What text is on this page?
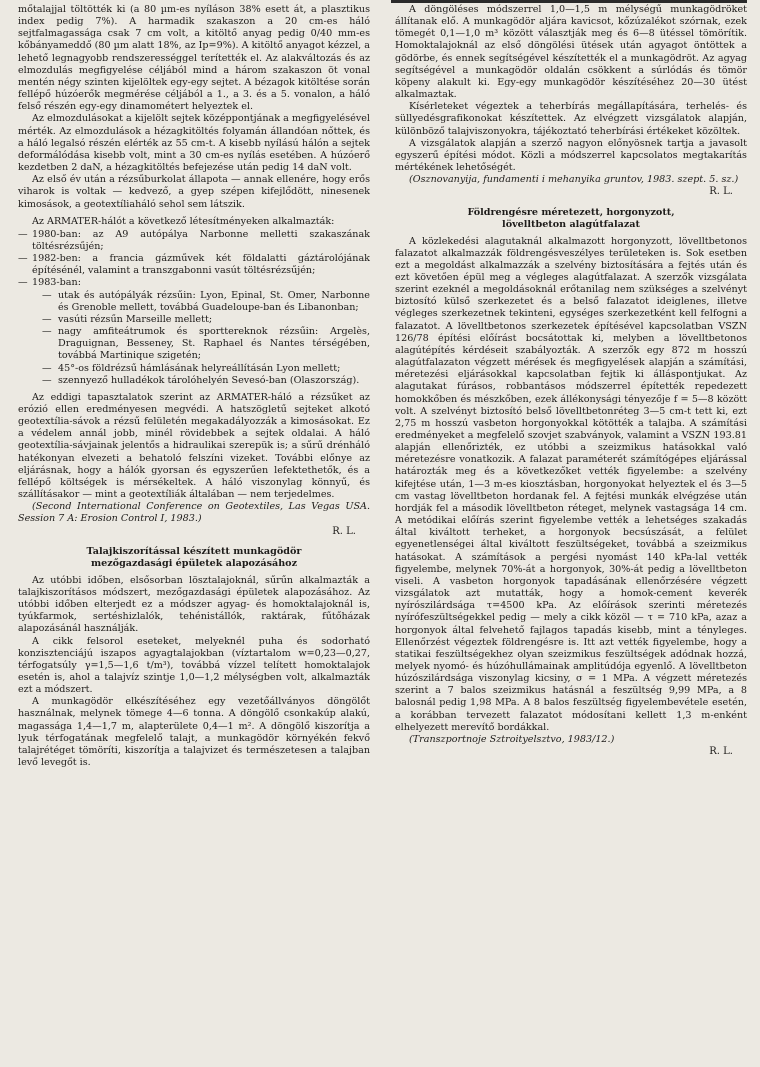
mőtalajjal töltötték ki (a 80 µm-es nyíláson 38% esett át, a plasztikus index pedig 7%). A harmadik szakaszon a 20 cm-es háló sejtfalmagassága csak 7 cm volt, a kitöltő anyag pedig 0/40 mm-es kőbányameddő (80 µm alatt 18%, az Ip=9%). A kitöltő anyagot kézzel, a lehető legnagyobb rendszerességgel terítették el. Az alakváltozás és az elmozdulás megfigyelése céljából mind a három szakaszon öt vonal mentén négy szinten kijelöltek egy-egy sejtet. A bézagok kitöltése során fellépő húzóerők megmérése céljából a 1., a 3. és a 5. vonalon, a háló felső részén egy-egy dinamométert helyeztek el.

Az elmozdulásokat a kijelölt sejtek középpontjának a megfigyelésével mérték. Az elmozdulások a hézagkitöltés folyamán állandóan nőttek, és a háló legalsó részén elérték az 55 cm-t. A kisebb nyílású hálón a sejtek deformálódása kisebb volt, mint a 30 cm-es nyílás esetében. A húzóerő kezdetben 2 daN, a hézagkitöltés befejezése után pedig 14 daN volt.

Az első év után a rézsűburkolat állapota — annak ellenére, hogy erős viharok is voltak — kedvező, a gyep szépen kifejlődött, ninesenek kimosások, a geotextíliaháló sehol sem látszik.

Az ARMATER-hálót a következő létesítményeken alkalmazták:

— 1980-ban: az A9 autópálya Narbonne melletti szakaszának töltésrézsűjén;
— 1982-ben: a francia gázművek két földalatti gáztárolójának építésénél, valamint a transzgabonni vasút töltésrézsűjén;
— 1983-ban:
— utak és autópályák rézsűin: Lyon, Epinal, St. Omer, Narbonne és Grenoble mellett, továbbá Guadeloupe-ban és Libanonban;
— vasúti rézsűn Marseille mellett;
— nagy amfiteátrumok és sporttereknok rézsűin: Argelès, Draguignan, Besseney, St. Raphael és Nantes térségében, továbbá Martinique szigetén;
— 45°-os földrézsű hámlásának helyreállításán Lyon mellett;
— szennyező hulladékok tárolóhelyén Sevesó-ban (Olaszország).

Az eddigi tapasztalatok szerint az ARMATER-háló a rézsűket az erózió ellen eredményesen megvédi. A hatszögletű sejteket alkotó geotextília-sávok a rézsű felületén megakadályozzák a kimosásokat. Ez a védelem annál jobb, minél rövidebbek a sejtek oldalai. A háló geotextília-sávjainak jelentős a hidraulikai szerepük is; a sűrű drénháló hatékonyan elvezeti a behatoló felszíni vizeket. További előnye az eljárásnak, hogy a hálók gyorsan és egyszerűen lefektethetők, és a fellépő költségek is mérsékeltek. A háló viszonylag könnyű, és szállításakor — mint a geotextíliák általában — nem terjedelmes.

(Second International Conference on Geotextiles, Las Vegas USA. Session 7 A: Erosion Control I, 1983.)

R. L.
Talajkiszorítással készített munkagödör
mezőgazdasági épületek alapozásához

Az utóbbi időben, elsősorban lösztalajoknál, sűrűn alkalmazták a talajkiszorításos módszert, mezőgazdasági épületek alapozásához. Az utóbbi időben elterjedt ez a módszer agyag- és homoktalajoknál is, tyúkfarmok, sertéshizlalók, tehénistállók, raktárak, fűtőházak alapozásánál használják.

A cikk felsorol eseteket, melyeknél puha és sodorható konzisztenciájú iszapos agyagtalajokban (víztartalom w=0,23—0,27, térfogatsúly γ=1,5—1,6 t/m³), továbbá vízzel telített homoktalajok esetén is, ahol a talajvíz szintje 1,0—1,2 mélységben volt, alkalmazták ezt a módszert.

A munkagödör elkészítéséhez egy vezetőállványos döngölőt használnak, melynek tömege 4—6 tonna. A döngölő csonkakúp alakú, magassága 1,4—1,7 m, alapterülete 0,4—1 m². A döngölő kiszorítja a lyuk térfogatának megfelelő talajt, a munkagödör környékén fekvő talajrétéget tömöríti, kiszorítja a talajvizet és természetesen a talajban levő levegőt is.

A döngöléses módszerrel 1,0—1,5 m mélységű munkagödröket állítanak elő. A munkagödör aljára kavicsot, kőzúzalékot szórnak, ezek tömegét 0,1—1,0 m³ között választják meg és 6—8 ütéssel tömörítik. Homoktalajoknál az első döngölési ütések után agyagot öntöttek a gödörbe, és ennek segítségével készítették el a munkagödröt. Az agyag segítségével a munkagödör oldalán csökkent a súrlódás és tömör köpeny alakult ki. Egy-egy munkagödör készítéséhez 20—30 ütést alkalmaztak.

Kísérleteket végeztek a teherbírás megállapítására, terhelés- és süllyedésgrafikonokat készítettek. Az elvégzett vizsgálatok alapján, különböző talajviszonyokra, tájékoztató teherbírási értékeket közöltek.

A vizsgálatok alapján a szerző nagyon előnyösnek tartja a javasolt egyszerű építési módot. Közli a módszerrel kapcsolatos megtakarítás mértékének lehetőségét.

(Osznovanyija, fundamenti i mehanyika gruntov, 1983. szept. 5. sz.)

R. L.
Földrengésre méretezett, horgonyzott,
lövelltbeton alagútfalazat

A közlekedési alagutaknál alkalmazott horgonyzott, lövelltbetonos falazatot alkalmazzák földrengésveszélyes területeken is. Sok esetben ezt a megoldást alkalmazzák a szelvény biztosítására a fejtés után és ezt követően épül meg a végleges alagútfalazat. A szerzők vizsgálata szerint ezeknél a megoldásoknál erőtanilag nem szükséges a szelvényt biztosító külső szerkezetet és a belső falazatot ideiglenes, illetve végleges szerkezetnek tekinteni, egységes szerkezetként kell felfogni a falazatot. A lövelltbetonos szerkezetek építésével kapcsolatban VSZN 126/78 építési előírást bocsátottak ki, melyben a lövelltbetonos alagútépítés kérdéseit szabályozták. A szerzők egy 872 m hosszú alagútfalazaton végzett mérések és megfigyelések alapján a számítási, méretezési eljárásokkal kapcsolatban fejtik ki álláspontjukat. Az alagutakat fúrásos, robbantásos módszerrel építették repedezett homokkőben és mészkőben, ezek állékonysági tényezője f = 5—8 között volt. A szelvényt biztosító belső lövelltbetonréteg 3—5 cm-t tett ki, ezt 2,75 m hosszú vasbeton horgonyokkal kötötték a talajba. A számítási eredményeket a megfelelő szovjet szabványok, valamint a VSZN 193.81 alapján ellenőrizték, ez utóbbi a szeizmikus hatásokkal való méretezésre vonatkozik. A falazat paraméterét számítógépes eljárással határozták meg és a következőket vették figyelembe: a szelvény kifejtése után, 1—3 m-es kiosztásban, horgonyokat helyeztek el és 3—5 cm vastag lövelltbeton hordanak fel. A fejtési munkák elvégzése után hordják fel a második lövelltbeton réteget, melynek vastagsága 14 cm. A metódikai előírás szerint figyelembe vették a lehetséges szakadás által kiváltott terheket, a horgonyok becsúszását, a felület egyenetlenségei által kiváltott feszültségeket, továbbá a szeizmikus hatásokat. A számítások a pergési nyomást 140 kPa-lal vették figyelembe, melynek 70%-át a horgonyok, 30%-át pedig a lövelltbeton viseli. A vasbeton horgonyok tapadásának ellenőrzésére végzett vizsgálatok azt mutatták, hogy a homok-cement keverék nyírószilárdsága τ=4500 kPa. Az előírások szerinti méretezés nyírófeszültségekkel pedig — mely a cikk közöl — τ = 710 kPa, azaz a horgonyok által felvehető fajlagos tapadás kisebb, mint a tényleges. Ellenőrzést végeztek földrengésre is. Itt azt vették figyelembe, hogy a statikai feszültségekhez olyan szeizmikus feszültségek adódnak hozzá, melyek nyomó- és húzóhullámainak amplitúdója egyenlő. A lövelltbeton húzószilárdsága viszonylag kicsiny, σ = 1 MPa. A végzett méretezés szerint a 7 balos szeizmikus hatásnál a feszültség 9,99 MPa, a 8 balosnál pedig 1,98 MPa. A 8 balos feszültség figyelembevétele esetén, a korábban tervezett falazatot módosítani kellett 1,3 m-enként elhelyezett merevítő bordákkal.

(Transzportnoje Sztroityelsztvo, 1983/12.)

R. L.
